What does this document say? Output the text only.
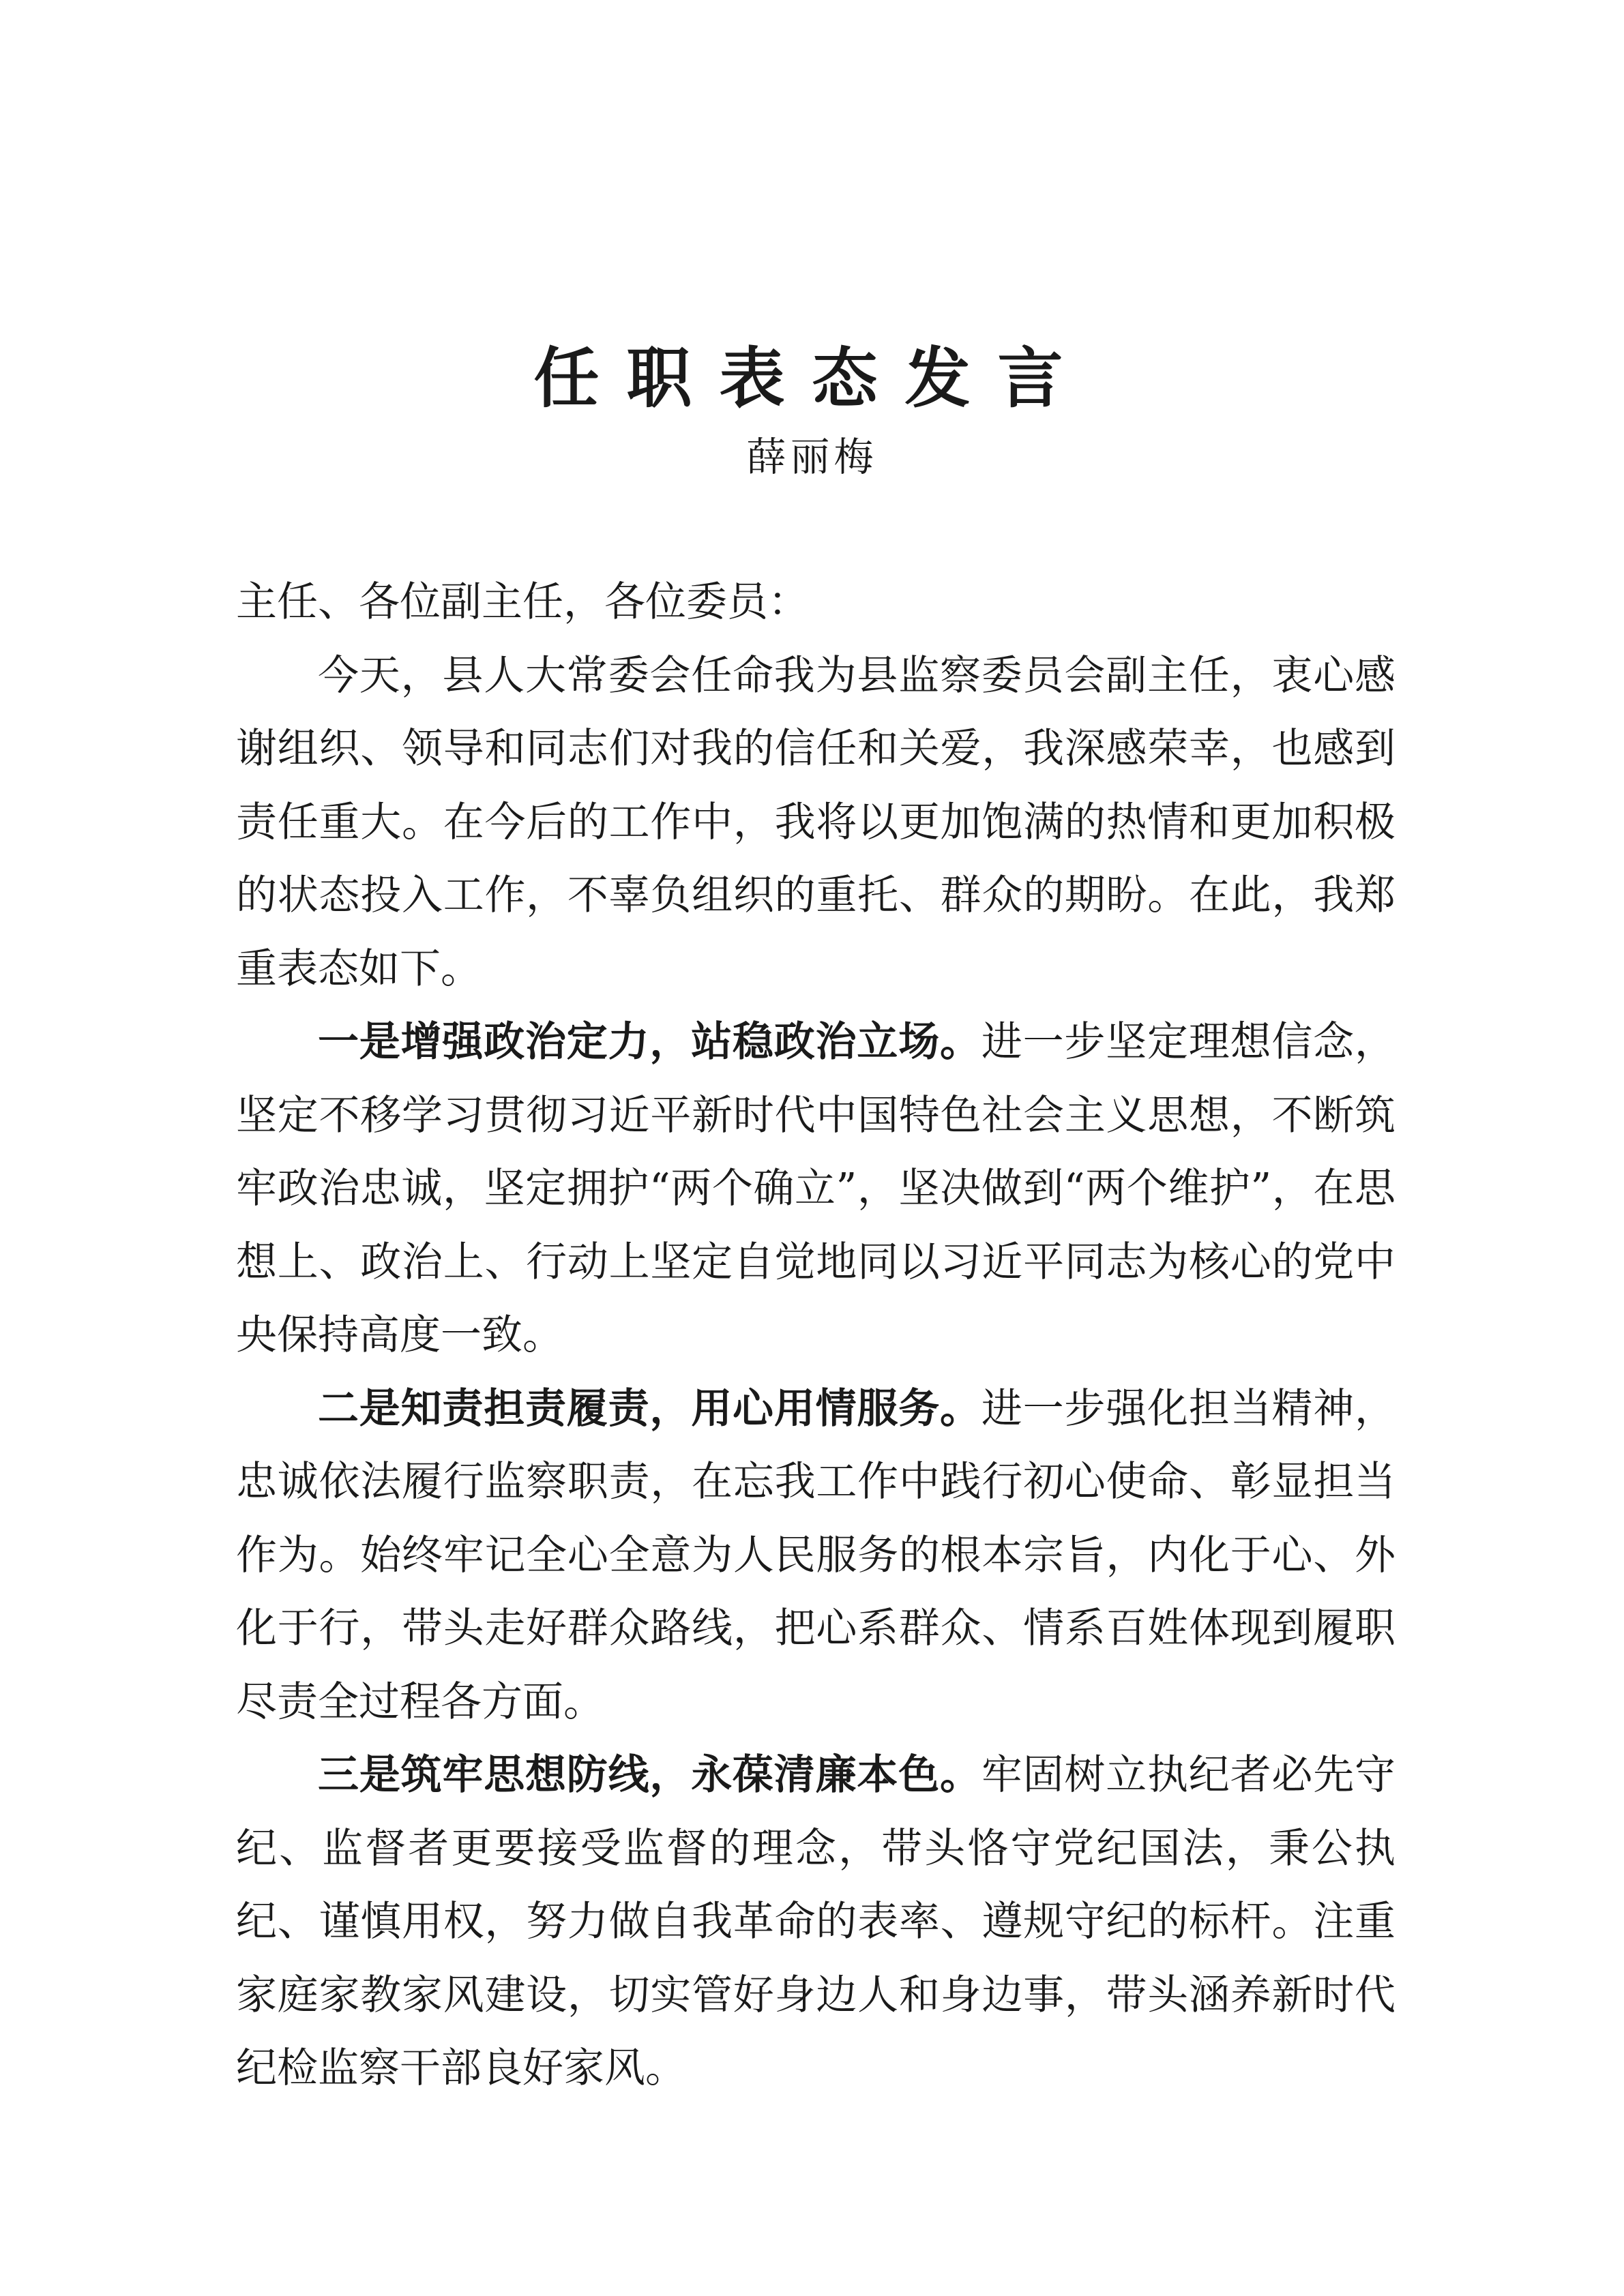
任职表态发言
薛丽梅

主任、各位副主任，各位委员：

今天，县人大常委会任命我为县监察委员会副主任，衷心感谢组织、领导和同志们对我的信任和关爱，我深感荣幸，也感到责任重大。在今后的工作中，我将以更加饱满的热情和更加积极的状态投入工作，不辜负组织的重托、群众的期盼。在此，我郑重表态如下。

一是增强政治定力，站稳政治立场。进一步坚定理想信念，坚定不移学习贯彻习近平新时代中国特色社会主义思想，不断筑牢政治忠诚，坚定拥护“两个确立”，坚决做到“两个维护”，在思想上、政治上、行动上坚定自觉地同以习近平同志为核心的党中央保持高度一致。

二是知责担责履责，用心用情服务。进一步强化担当精神，忠诚依法履行监察职责，在忘我工作中践行初心使命、彰显担当作为。始终牢记全心全意为人民服务的根本宗旨，内化于心、外化于行，带头走好群众路线，把心系群众、情系百姓体现到履职尽责全过程各方面。

三是筑牢思想防线，永葆清廉本色。牢固树立执纪者必先守纪、监督者更要接受监督的理念，带头恪守党纪国法，秉公执纪、谨慎用权，努力做自我革命的表率、遵规守纪的标杆。注重家庭家教家风建设，切实管好身边人和身边事，带头涵养新时代纪检监察干部良好家风。
